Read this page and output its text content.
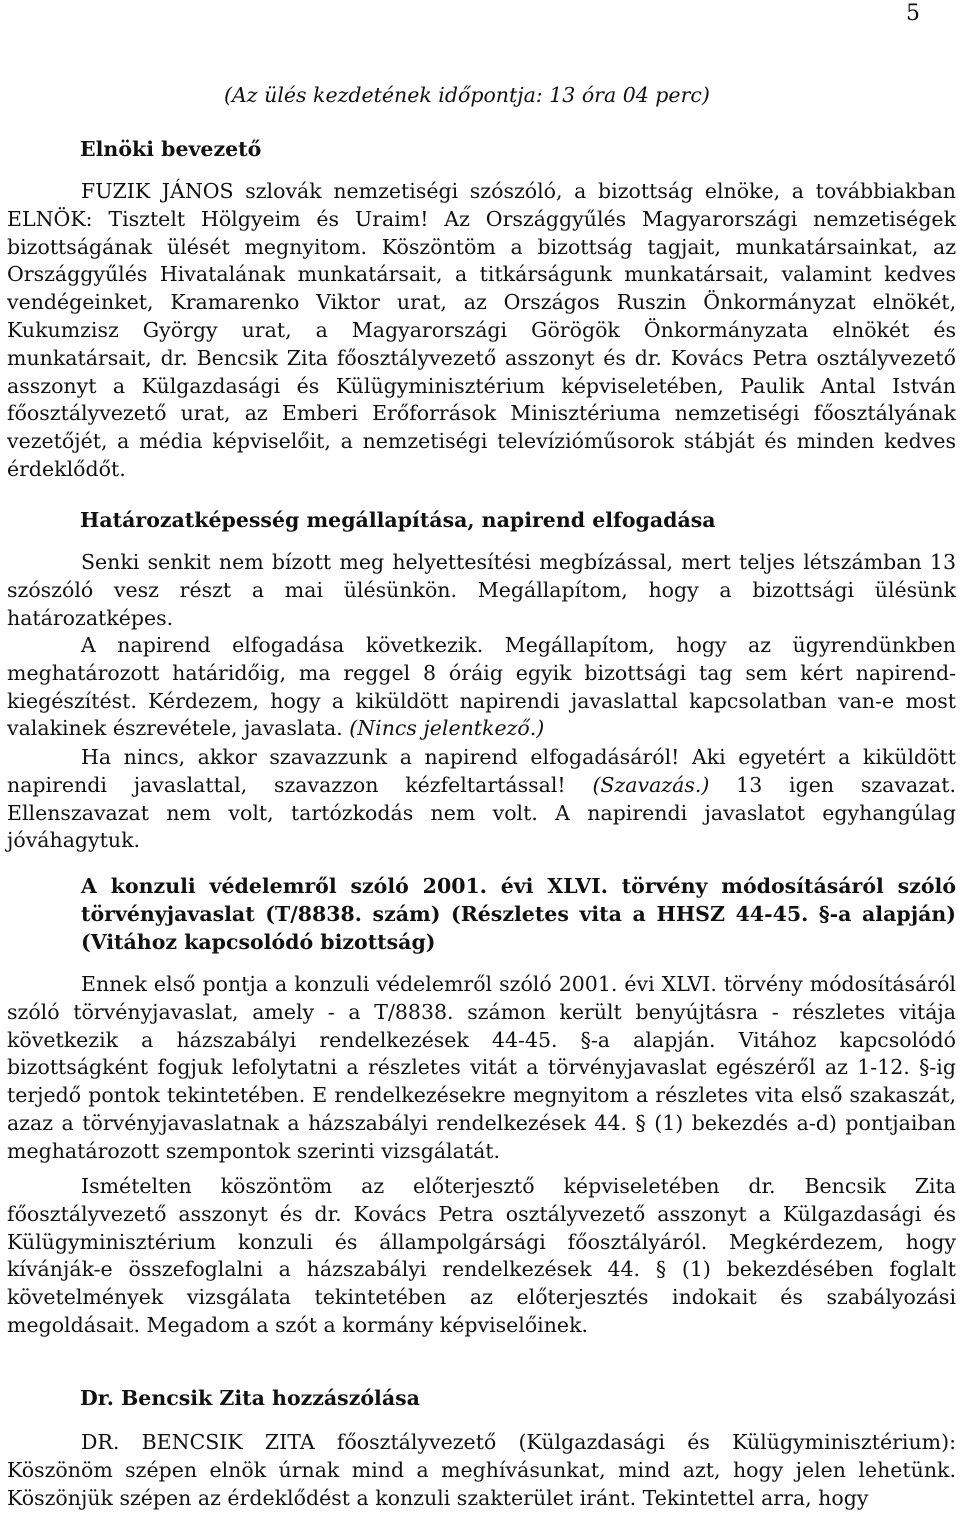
5
(Az ülés kezdetének időpontja: 13 óra 04 perc)
Elnöki bevezető

FUZIK JÁNOS szlovák nemzetiségi szószóló, a bizottság elnöke, a továbbiakban ELNÖK: Tisztelt Hölgyeim és Uraim! Az Országgyűlés Magyarországi nemzetiségek bizottságának ülését megnyitom. Köszöntöm a bizottság tagjait, munkatársainkat, az Országgyűlés Hivatalának munkatársait, a titkárságunk munkatársait, valamint kedves vendégeinket, Kramarenko Viktor urat, az Országos Ruszin Önkormányzat elnökét, Kukumzisz György urat, a Magyarországi Görögök Önkormányzata elnökét és munkatársait, dr. Bencsik Zita főosztályvezető asszonyt és dr. Kovács Petra osztályvezető asszonyt a Külgazdasági és Külügyminisztérium képviseletében, Paulik Antal István főosztályvezető urat, az Emberi Erőforrások Minisztériuma nemzetiségi főosztályának vezetőjét, a média képviselőit, a nemzetiségi televízióműsorok stábját és minden kedves érdeklődőt.

Határozatképesség megállapítása, napirend elfogadása

Senki senkit nem bízott meg helyettesítési megbízással, mert teljes létszámban 13 szószóló vesz részt a mai ülésünkön. Megállapítom, hogy a bizottsági ülésünk határozatképes.

A napirend elfogadása következik. Megállapítom, hogy az ügyrendünkben meghatározott határidőig, ma reggel 8 óráig egyik bizottsági tag sem kért napirend-kiegészítést. Kérdezem, hogy a kiküldött napirendi javaslattal kapcsolatban van-e most valakinek észrevétele, javaslata. (Nincs jelentkező.)

Ha nincs, akkor szavazzunk a napirend elfogadásáról! Aki egyetért a kiküldött napirendi javaslattal, szavazzon kézfeltartással! (Szavazás.) 13 igen szavazat. Ellenszavazat nem volt, tartózkodás nem volt. A napirendi javaslatot egyhangúlag jóváhagytuk.

A konzuli védelemről szóló 2001. évi XLVI. törvény módosításáról szóló törvényjavaslat (T/8838. szám) (Részletes vita a HHSZ 44-45. §-a alapján) (Vitához kapcsolódó bizottság)

Ennek első pontja a konzuli védelemről szóló 2001. évi XLVI. törvény módosításáról szóló törvényjavaslat, amely - a T/8838. számon került benyújtásra - részletes vitája következik a házszabályi rendelkezések 44-45. §-a alapján. Vitához kapcsolódó bizottságként fogjuk lefolytatni a részletes vitát a törvényjavaslat egészéről az 1-12. §-ig terjedő pontok tekintetében. E rendelkezésekre megnyitom a részletes vita első szakaszát, azaz a törvényjavaslatnak a házszabályi rendelkezések 44. § (1) bekezdés a-d) pontjaiban meghatározott szempontok szerinti vizsgálatát.

Ismételten köszöntöm az előterjesztő képviseletében dr. Bencsik Zita főosztályvezető asszonyt és dr. Kovács Petra osztályvezető asszonyt a Külgazdasági és Külügyminisztérium konzuli és állampolgársági főosztályáról. Megkérdezem, hogy kívánják-e összefoglalni a házszabályi rendelkezések 44. § (1) bekezdésében foglalt követelmények vizsgálata tekintetében az előterjesztés indokait és szabályozási megoldásait. Megadom a szót a kormány képviselőinek.

Dr. Bencsik Zita hozzászólása

DR. BENCSIK ZITA főosztályvezető (Külgazdasági és Külügyminisztérium): Köszönöm szépen elnök úrnak mind a meghívásunkat, mind azt, hogy jelen lehetünk. Köszönjük szépen az érdeklődést a konzuli szakterület iránt. Tekintettel arra, hogy
